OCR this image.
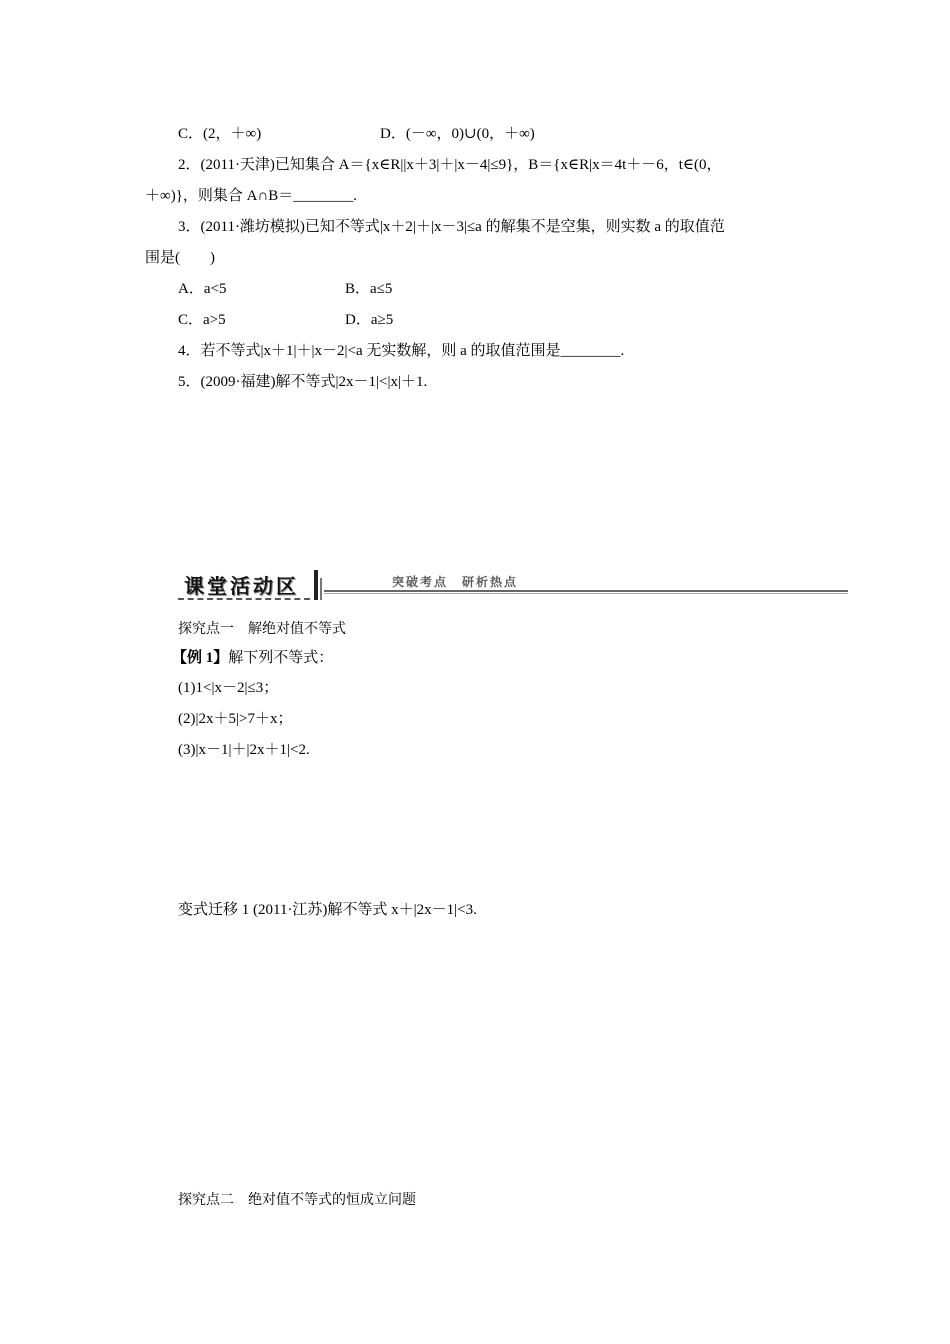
C．(2，＋∞)	D．(－∞，0)∪(0，＋∞)
2．(2011·天津)已知集合 A＝{x∈R||x＋3|＋|x－4|≤9}，B＝{x∈R|x＝4t＋－6，t∈(0，
＋∞)}，则集合 A∩B＝________.
3．(2011·潍坊模拟)已知不等式|x＋2|＋|x－3|≤a 的解集不是空集，则实数 a 的取值范
围是(　　)
A．a<5	B．a≤5
C．a>5	D．a≥5
4．若不等式|x＋1|＋|x－2|<a 无实数解，则 a 的取值范围是________.
5．(2009·福建)解不等式|2x－1|<|x|＋1.
课堂活动区	突破考点　研析热点
探究点一　解绝对值不等式
【例 1】解下列不等式：
(1)1<|x－2|≤3；
(2)|2x＋5|>7＋x；
(3)|x－1|＋|2x＋1|<2.
变式迁移 1 (2011·江苏)解不等式 x＋|2x－1|<3.
探究点二　绝对值不等式的恒成立问题
